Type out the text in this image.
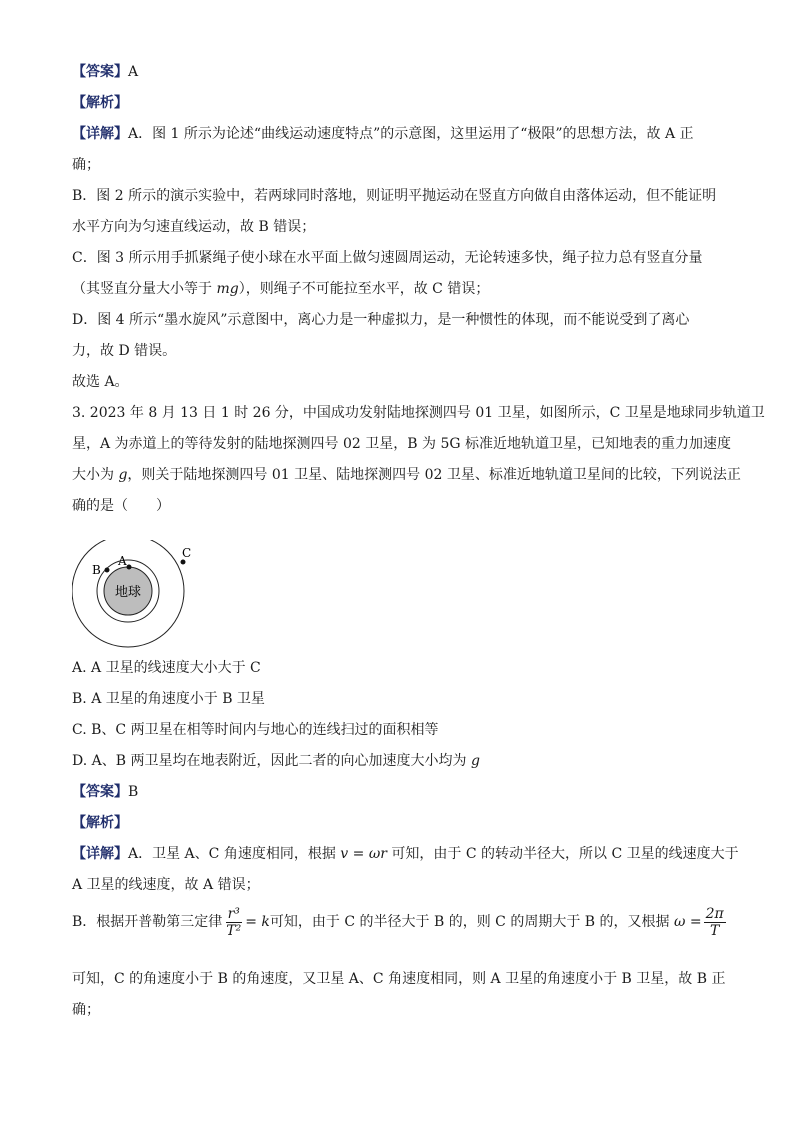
【答案】A
【解析】
【详解】A．图 1 所示为论述“曲线运动速度特点”的示意图，这里运用了“极限”的思想方法，故 A 正
确；
B．图 2 所示的演示实验中，若两球同时落地，则证明平抛运动在竖直方向做自由落体运动，但不能证明
水平方向为匀速直线运动，故 B 错误；
C．图 3 所示用手抓紧绳子使小球在水平面上做匀速圆周运动，无论转速多快，绳子拉力总有竖直分量
（其竖直分量大小等于 mg），则绳子不可能拉至水平，故 C 错误；
D．图 4 所示“墨水旋风”示意图中，离心力是一种虚拟力，是一种惯性的体现，而不能说受到了离心
力，故 D 错误。
故选 A。
3. 2023 年 8 月 13 日 1 时 26 分，中国成功发射陆地探测四号 01 卫星，如图所示，C 卫星是地球同步轨道卫
星，A 为赤道上的等待发射的陆地探测四号 02 卫星，B 为 5G 标准近地轨道卫星，已知地表的重力加速度
大小为 g，则关于陆地探测四号 01 卫星、陆地探测四号 02 卫星、标准近地轨道卫星间的比较，下列说法正
确的是（　　）
地球
A
B
C
A. A 卫星的线速度大小大于 C
B. A 卫星的角速度小于 B 卫星
C. B、C 两卫星在相等时间内与地心的连线扫过的面积相等
D. A、B 两卫星均在地表附近，因此二者的向心加速度大小均为 g
【答案】B
【解析】
【详解】A．卫星 A、C 角速度相同，根据 v = ωr 可知，由于 C 的转动半径大，所以 C 卫星的线速度大于
A 卫星的线速度，故 A 错误；
B．根据开普勒第三定律 $\frac{\text{r³}}{\text{T²}} = k$可知，由于 C 的半径大于 B 的，则 C 的周期大于 B 的，又根据 $\omega = \frac{2\pi}{T}$
可知，C 的角速度小于 B 的角速度，又卫星 A、C 角速度相同，则 A 卫星的角速度小于 B 卫星，故 B 正
确；
